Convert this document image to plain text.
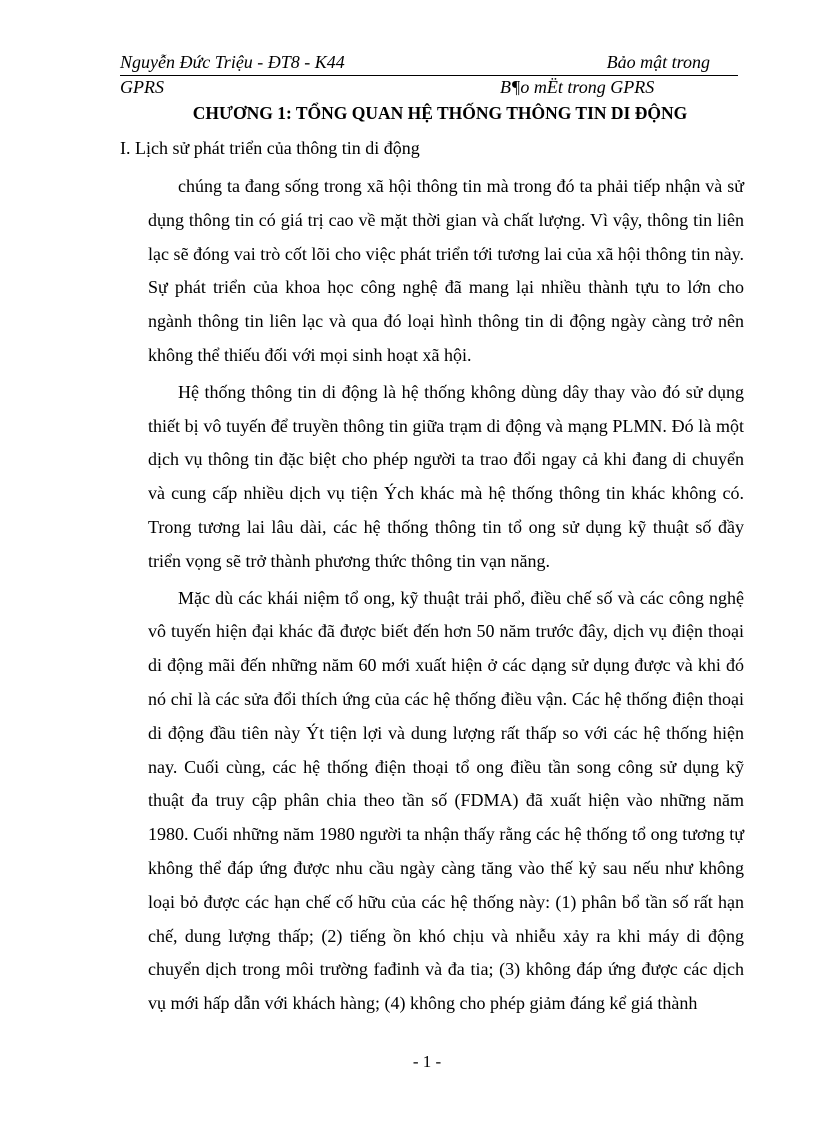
Nguyễn Đức Triệu - ĐT8 - K44	Bảo mật trong
GPRS	B¶o mËt trong GPRS
CHƯƠNG 1: TỔNG QUAN HỆ THỐNG THÔNG TIN DI ĐỘNG
I. Lịch sử phát triển của thông tin di động

chúng ta đang sống trong xã hội thông tin mà trong đó ta phải tiếp nhận và sử dụng thông tin có giá trị cao về mặt thời gian và chất lượng. Vì vậy, thông tin liên lạc sẽ đóng vai trò cốt lõi cho việc phát triển tới tương lai của xã hội thông tin này. Sự phát triển của khoa học công nghệ đã mang lại nhiều thành tựu to lớn cho ngành thông tin liên lạc và qua đó loại hình thông tin di động ngày càng trở nên không thể thiếu đối với mọi sinh hoạt xã hội.

Hệ thống thông tin di động là hệ thống không dùng dây thay vào đó sử dụng thiết bị vô tuyến để truyền thông tin giữa trạm di động và mạng PLMN. Đó là một dịch vụ thông tin đặc biệt cho phép người ta trao đổi ngay cả khi đang di chuyển và cung cấp nhiều dịch vụ tiện Ých khác mà hệ thống thông tin khác không có. Trong tương lai lâu dài, các hệ thống thông tin tổ ong sử dụng kỹ thuật số đầy triển vọng sẽ trở thành phương thức thông tin vạn năng.

Mặc dù các khái niệm tổ ong, kỹ thuật trải phổ, điều chế số và các công nghệ vô tuyến hiện đại khác đã được biết đến hơn 50 năm trước đây, dịch vụ điện thoại di động mãi đến những năm 60 mới xuất hiện ở các dạng sử dụng được và khi đó nó chỉ là các sửa đổi thích ứng của các hệ thống điều vận. Các hệ thống điện thoại di động đầu tiên này Ýt tiện lợi và dung lượng rất thấp so với các hệ thống hiện nay. Cuối cùng, các hệ thống điện thoại tổ ong điều tần song công sử dụng kỹ thuật đa truy cập phân chia theo tần số (FDMA) đã xuất hiện vào những năm 1980. Cuối những năm 1980 người ta nhận thấy rằng các hệ thống tổ ong tương tự không thể đáp ứng được nhu cầu ngày càng tăng vào thế kỷ sau nếu như không loại bỏ được các hạn chế cố hữu của các hệ thống này: (1) phân bổ tần số rất hạn chế, dung lượng thấp; (2) tiếng ồn khó chịu và nhiễu xảy ra khi máy di động chuyển dịch trong môi trường fađinh và đa tia; (3) không đáp ứng được các dịch vụ mới hấp dẫn với khách hàng; (4) không cho phép giảm đáng kể giá thành

- 1 -
